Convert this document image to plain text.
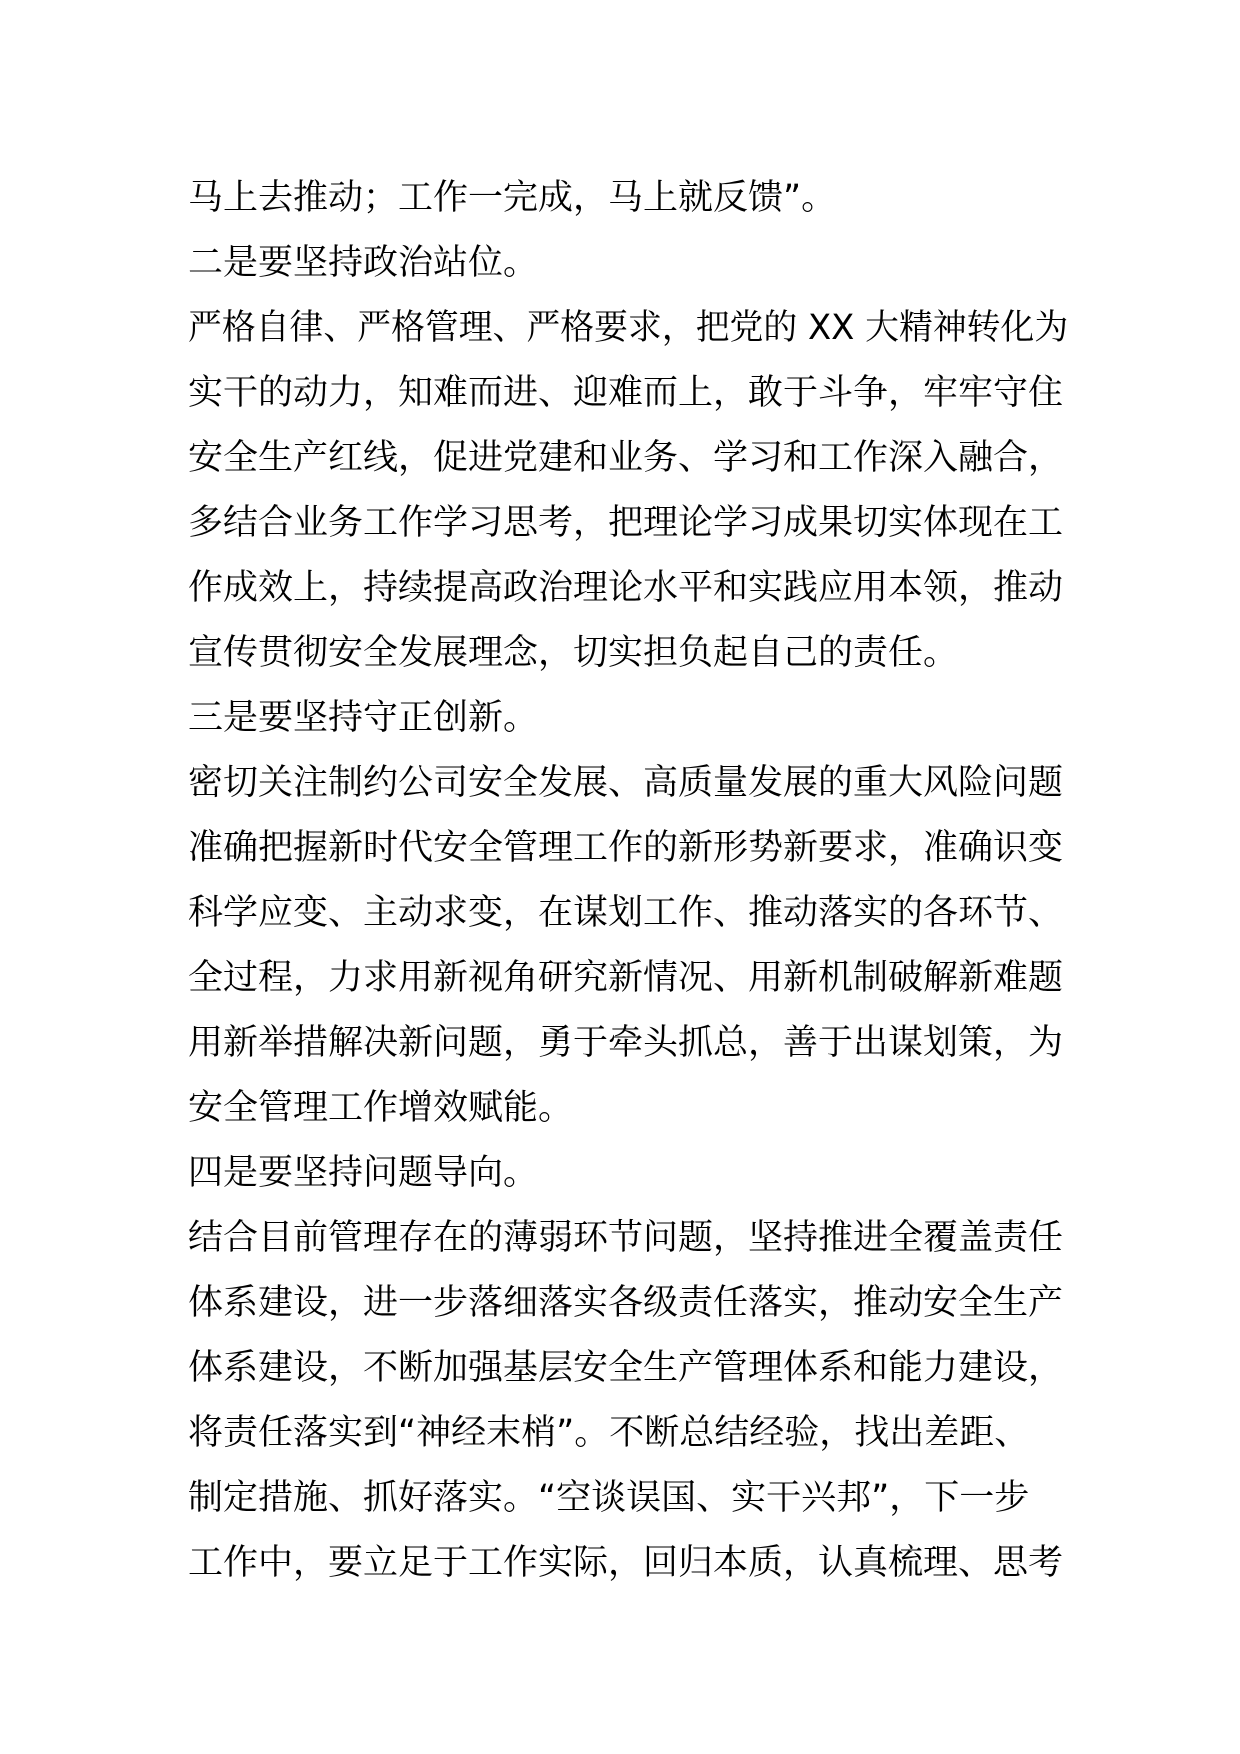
马上去推动；工作一完成，马上就反馈”。
二是要坚持政治站位。
严格自律、严格管理、严格要求，把党的 XX 大精神转化为
实干的动力，知难而进、迎难而上，敢于斗争，牢牢守住
安全生产红线，促进党建和业务、学习和工作深入融合，
多结合业务工作学习思考，把理论学习成果切实体现在工
作成效上，持续提高政治理论水平和实践应用本领，推动
宣传贯彻安全发展理念，切实担负起自己的责任。
三是要坚持守正创新。
密切关注制约公司安全发展、高质量发展的重大风险问题
准确把握新时代安全管理工作的新形势新要求，准确识变
科学应变、主动求变，在谋划工作、推动落实的各环节、
全过程，力求用新视角研究新情况、用新机制破解新难题
用新举措解决新问题，勇于牵头抓总，善于出谋划策，为
安全管理工作增效赋能。
四是要坚持问题导向。
结合目前管理存在的薄弱环节问题，坚持推进全覆盖责任
体系建设，进一步落细落实各级责任落实，推动安全生产
体系建设，不断加强基层安全生产管理体系和能力建设，
将责任落实到“神经末梢”。不断总结经验，找出差距、
制定措施、抓好落实。“空谈误国、实干兴邦”，下一步
工作中，要立足于工作实际，回归本质，认真梳理、思考
